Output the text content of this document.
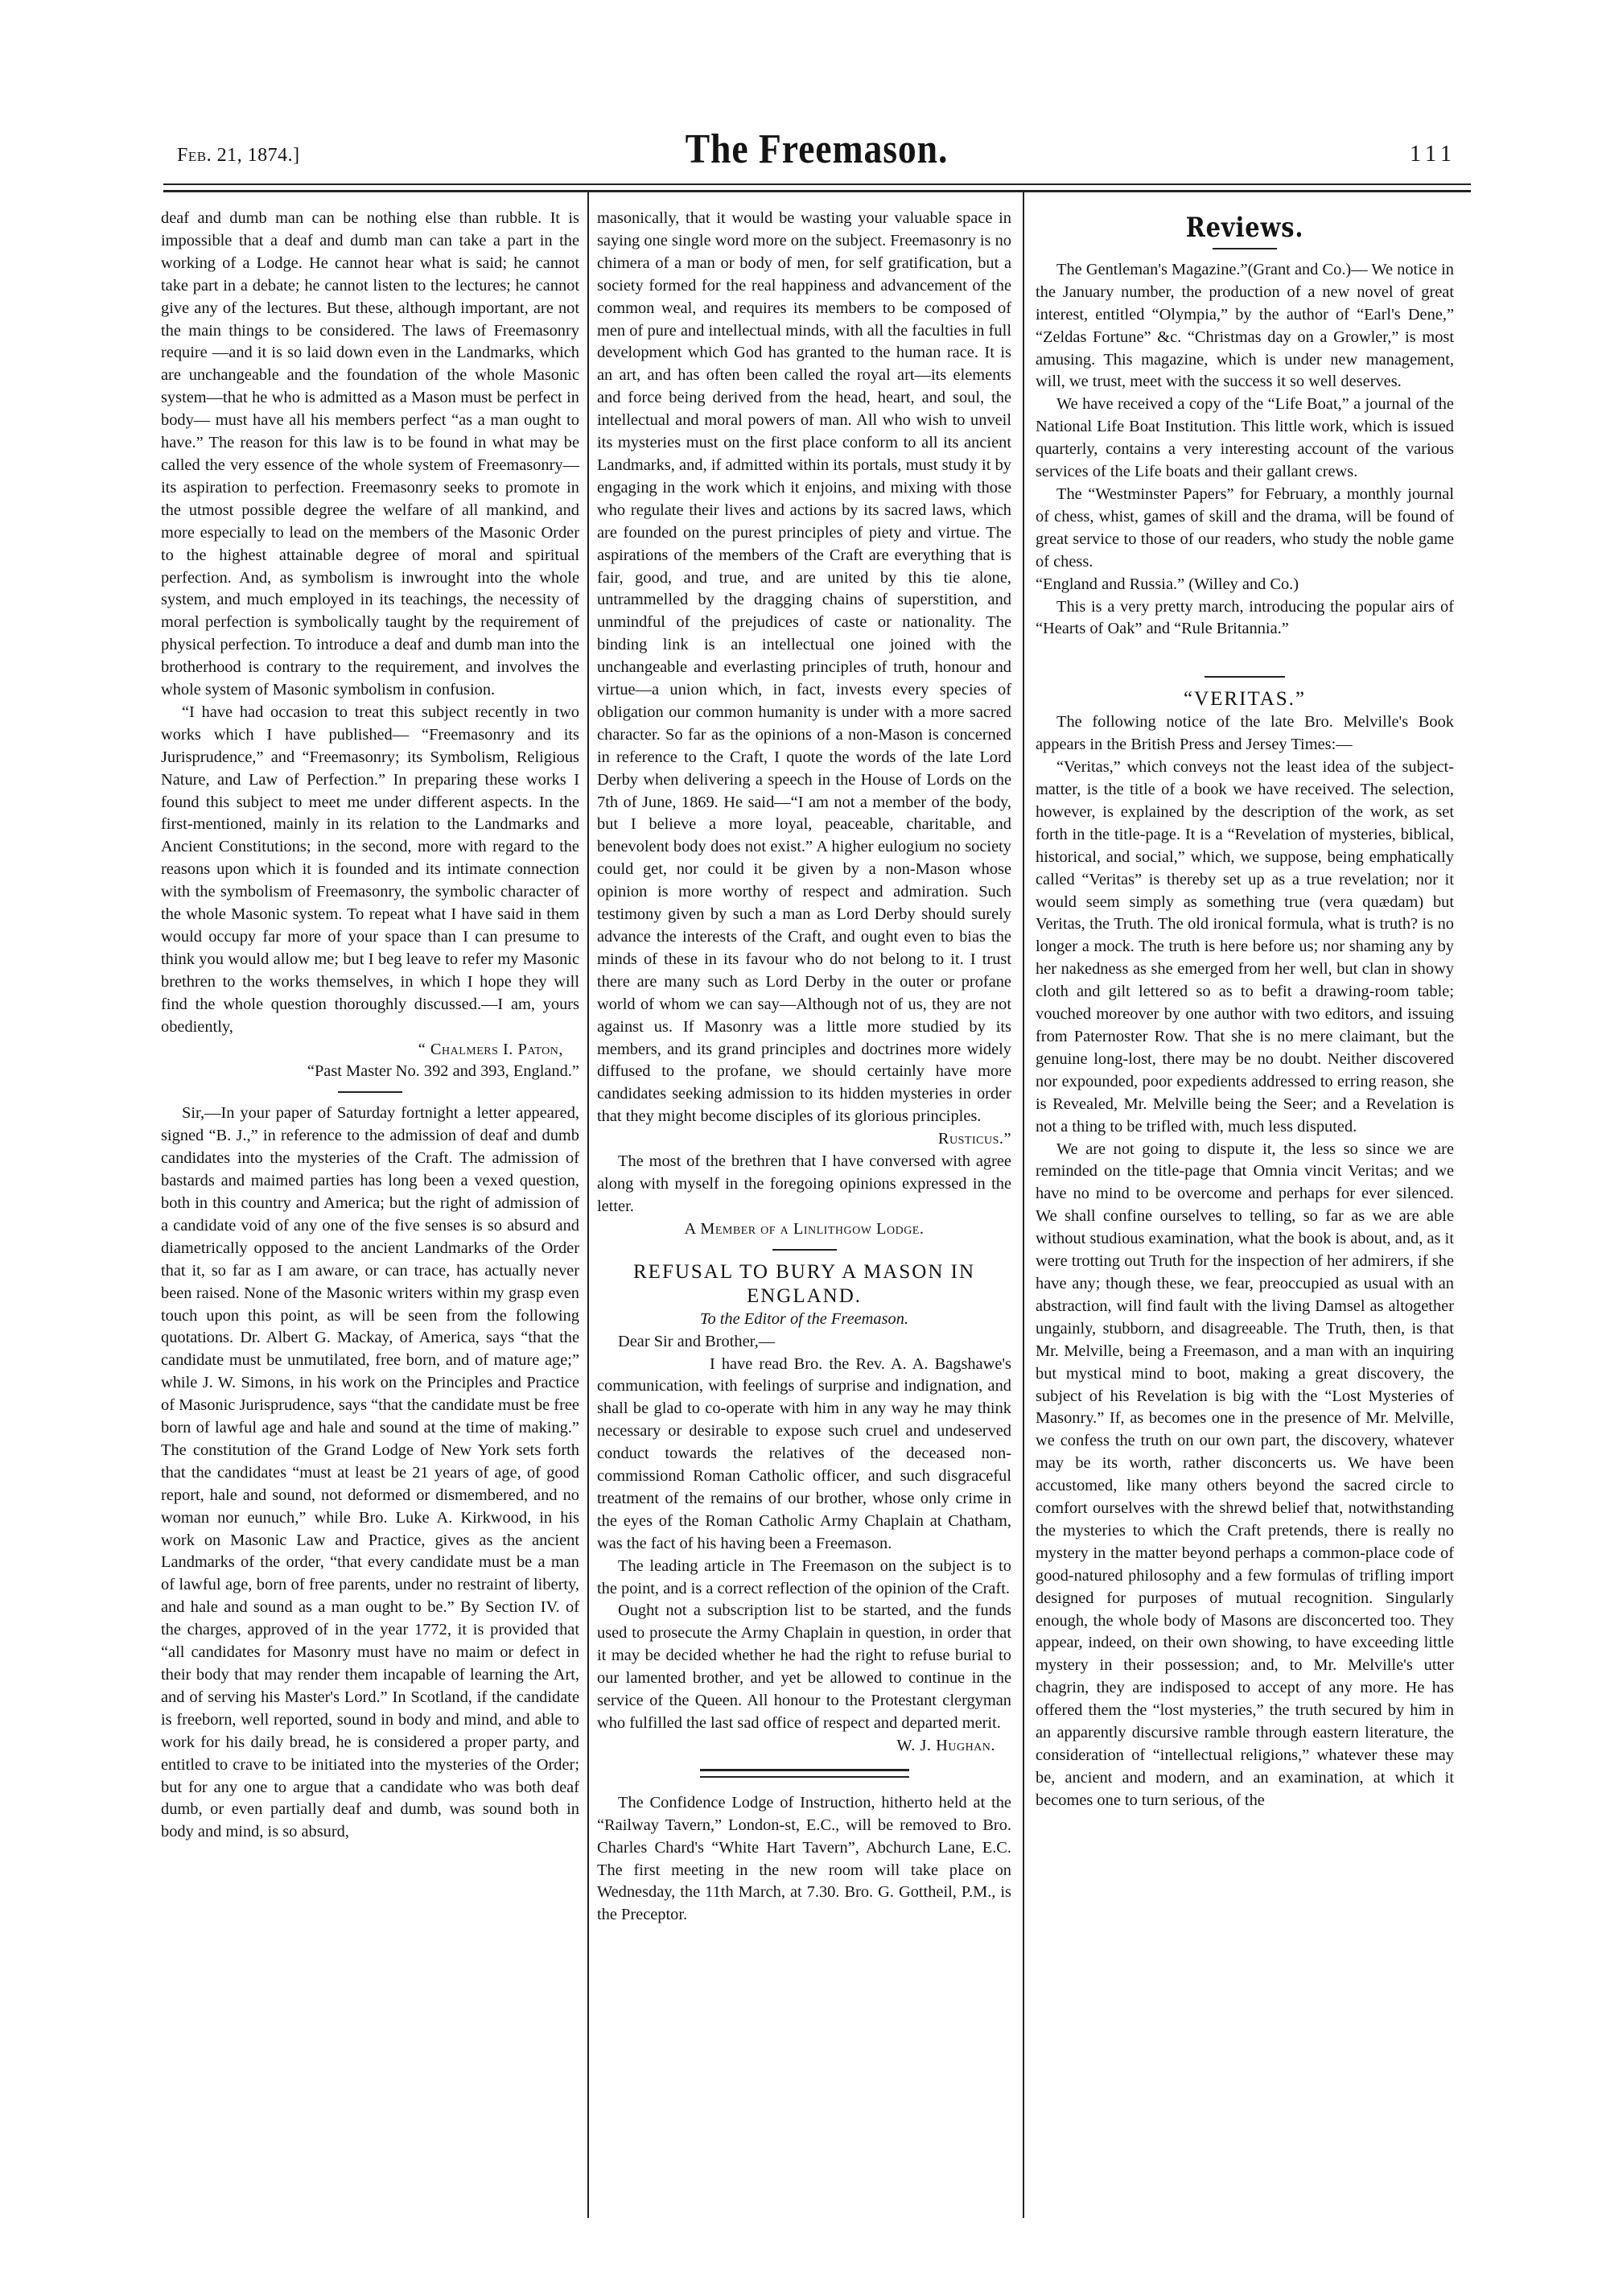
Feb. 21, 1874.]	The Freemason.	111

deaf and dumb man can be nothing else than rubble. It is impossible that a deaf and dumb man can take a part in the working of a Lodge. He cannot hear what is said; he cannot take part in a debate; he cannot listen to the lectures; he cannot give any of the lectures. But these, although important, are not the main things to be considered. The laws of Freemasonry require —and it is so laid down even in the Landmarks, which are unchangeable and the foundation of the whole Masonic system—that he who is admitted as a Mason must be perfect in body— must have all his members perfect “as a man ought to have.” The reason for this law is to be found in what may be called the very essence of the whole system of Freemasonry—its aspiration to perfection. Freemasonry seeks to promote in the utmost possible degree the welfare of all mankind, and more especially to lead on the members of the Masonic Order to the highest attainable degree of moral and spiritual perfection. And, as symbolism is inwrought into the whole system, and much employed in its teachings, the necessity of moral perfection is symbolically taught by the requirement of physical perfection. To introduce a deaf and dumb man into the brotherhood is contrary to the requirement, and involves the whole system of Masonic symbolism in confusion.

“I have had occasion to treat this subject recently in two works which I have published— “Freemasonry and its Jurisprudence,” and “Freemasonry; its Symbolism, Religious Nature, and Law of Perfection.” In preparing these works I found this subject to meet me under different aspects. In the first-mentioned, mainly in its relation to the Landmarks and Ancient Constitutions; in the second, more with regard to the reasons upon which it is founded and its intimate connection with the symbolism of Freemasonry, the symbolic character of the whole Masonic system. To repeat what I have said in them would occupy far more of your space than I can presume to think you would allow me; but I beg leave to refer my Masonic brethren to the works themselves, in which I hope they will find the whole question thoroughly discussed.—I am, yours obediently,

“ Chalmers I. Paton,

“Past Master No. 392 and 393, England.”

Sir,—In your paper of Saturday fortnight a letter appeared, signed “B. J.,” in reference to the admission of deaf and dumb candidates into the mysteries of the Craft. The admission of bastards and maimed parties has long been a vexed question, both in this country and America; but the right of admission of a candidate void of any one of the five senses is so absurd and diametrically opposed to the ancient Landmarks of the Order that it, so far as I am aware, or can trace, has actually never been raised. None of the Masonic writers within my grasp even touch upon this point, as will be seen from the following quotations. Dr. Albert G. Mackay, of America, says “that the candidate must be unmutilated, free born, and of mature age;” while J. W. Simons, in his work on the Principles and Practice of Masonic Jurisprudence, says “that the candidate must be free born of lawful age and hale and sound at the time of making.” The constitution of the Grand Lodge of New York sets forth that the candidates “must at least be 21 years of age, of good report, hale and sound, not deformed or dismembered, and no woman nor eunuch,” while Bro. Luke A. Kirkwood, in his work on Masonic Law and Practice, gives as the ancient Landmarks of the order, “that every candidate must be a man of lawful age, born of free parents, under no restraint of liberty, and hale and sound as a man ought to be.” By Section IV. of the charges, approved of in the year 1772, it is provided that “all candidates for Masonry must have no maim or defect in their body that may render them incapable of learning the Art, and of serving his Master's Lord.” In Scotland, if the candidate is freeborn, well reported, sound in body and mind, and able to work for his daily bread, he is considered a proper party, and entitled to crave to be initiated into the mysteries of the Order; but for any one to argue that a candidate who was both deaf dumb, or even partially deaf and dumb, was sound both in body and mind, is so absurd,

masonically, that it would be wasting your valuable space in saying one single word more on the subject. Freemasonry is no chimera of a man or body of men, for self gratification, but a society formed for the real happiness and advancement of the common weal, and requires its members to be composed of men of pure and intellectual minds, with all the faculties in full development which God has granted to the human race. It is an art, and has often been called the royal art—its elements and force being derived from the head, heart, and soul, the intellectual and moral powers of man. All who wish to unveil its mysteries must on the first place conform to all its ancient Landmarks, and, if admitted within its portals, must study it by engaging in the work which it enjoins, and mixing with those who regulate their lives and actions by its sacred laws, which are founded on the purest principles of piety and virtue. The aspirations of the members of the Craft are everything that is fair, good, and true, and are united by this tie alone, untrammelled by the dragging chains of superstition, and unmindful of the prejudices of caste or nationality. The binding link is an intellectual one joined with the unchangeable and everlasting principles of truth, honour and virtue—a union which, in fact, invests every species of obligation our common humanity is under with a more sacred character. So far as the opinions of a non-Mason is concerned in reference to the Craft, I quote the words of the late Lord Derby when delivering a speech in the House of Lords on the 7th of June, 1869. He said—“I am not a member of the body, but I believe a more loyal, peaceable, charitable, and benevolent body does not exist.” A higher eulogium no society could get, nor could it be given by a non-Mason whose opinion is more worthy of respect and admiration. Such testimony given by such a man as Lord Derby should surely advance the interests of the Craft, and ought even to bias the minds of these in its favour who do not belong to it. I trust there are many such as Lord Derby in the outer or profane world of whom we can say—Although not of us, they are not against us. If Masonry was a little more studied by its members, and its grand principles and doctrines more widely diffused to the profane, we should certainly have more candidates seeking admission to its hidden mysteries in order that they might become disciples of its glorious principles.

Rusticus.”

The most of the brethren that I have conversed with agree along with myself in the foregoing opinions expressed in the letter.

A Member of a Linlithgow Lodge.

REFUSAL TO BURY A MASON IN ENGLAND.

To the Editor of the Freemason.

Dear Sir and Brother,—

I have read Bro. the Rev. A. A. Bagshawe's communication, with feelings of surprise and indignation, and shall be glad to co-operate with him in any way he may think necessary or desirable to expose such cruel and undeserved conduct towards the relatives of the deceased non-commissiond Roman Catholic officer, and such disgraceful treatment of the remains of our brother, whose only crime in the eyes of the Roman Catholic Army Chaplain at Chatham, was the fact of his having been a Freemason.

The leading article in The Freemason on the subject is to the point, and is a correct reflection of the opinion of the Craft.

Ought not a subscription list to be started, and the funds used to prosecute the Army Chaplain in question, in order that it may be decided whether he had the right to refuse burial to our lamented brother, and yet be allowed to continue in the service of the Queen. All honour to the Protestant clergyman who fulfilled the last sad office of respect and departed merit.

W. J. Hughan.

The Confidence Lodge of Instruction, hitherto held at the “Railway Tavern,” London-st, E.C., will be removed to Bro. Charles Chard's “White Hart Tavern”, Abchurch Lane, E.C. The first meeting in the new room will take place on Wednesday, the 11th March, at 7.30. Bro. G. Gottheil, P.M., is the Preceptor.

Reviews.

The Gentleman's Magazine.”(Grant and Co.)— We notice in the January number, the production of a new novel of great interest, entitled “Olympia,” by the author of “Earl's Dene,” “Zeldas Fortune” &c. “Christmas day on a Growler,” is most amusing. This magazine, which is under new management, will, we trust, meet with the success it so well deserves.

We have received a copy of the “Life Boat,” a journal of the National Life Boat Institution. This little work, which is issued quarterly, contains a very interesting account of the various services of the Life boats and their gallant crews.

The “Westminster Papers” for February, a monthly journal of chess, whist, games of skill and the drama, will be found of great service to those of our readers, who study the noble game of chess.

“England and Russia.” (Willey and Co.)

This is a very pretty march, introducing the popular airs of “Hearts of Oak” and “Rule Britannia.”

“VERITAS.”

The following notice of the late Bro. Melville's Book appears in the British Press and Jersey Times:—

“Veritas,” which conveys not the least idea of the subject-matter, is the title of a book we have received. The selection, however, is explained by the description of the work, as set forth in the title-page. It is a “Revelation of mysteries, biblical, historical, and social,” which, we suppose, being emphatically called “Veritas” is thereby set up as a true revelation; nor it would seem simply as something true (vera quædam) but Veritas, the Truth. The old ironical formula, what is truth? is no longer a mock. The truth is here before us; nor shaming any by her nakedness as she emerged from her well, but clan in showy cloth and gilt lettered so as to befit a drawing-room table; vouched moreover by one author with two editors, and issuing from Paternoster Row. That she is no mere claimant, but the genuine long-lost, there may be no doubt. Neither discovered nor expounded, poor expedients addressed to erring reason, she is Revealed, Mr. Melville being the Seer; and a Revelation is not a thing to be trifled with, much less disputed.

We are not going to dispute it, the less so since we are reminded on the title-page that Omnia vincit Veritas; and we have no mind to be overcome and perhaps for ever silenced. We shall confine ourselves to telling, so far as we are able without studious examination, what the book is about, and, as it were trotting out Truth for the inspection of her admirers, if she have any; though these, we fear, preoccupied as usual with an abstraction, will find fault with the living Damsel as altogether ungainly, stubborn, and disagreeable. The Truth, then, is that Mr. Melville, being a Freemason, and a man with an inquiring but mystical mind to boot, making a great discovery, the subject of his Revelation is big with the “Lost Mysteries of Masonry.” If, as becomes one in the presence of Mr. Melville, we confess the truth on our own part, the discovery, whatever may be its worth, rather disconcerts us. We have been accustomed, like many others beyond the sacred circle to comfort ourselves with the shrewd belief that, notwithstanding the mysteries to which the Craft pretends, there is really no mystery in the matter beyond perhaps a common-place code of good-natured philosophy and a few formulas of trifling import designed for purposes of mutual recognition. Singularly enough, the whole body of Masons are disconcerted too. They appear, indeed, on their own showing, to have exceeding little mystery in their possession; and, to Mr. Melville's utter chagrin, they are indisposed to accept of any more. He has offered them the “lost mysteries,” the truth secured by him in an apparently discursive ramble through eastern literature, the consideration of “intellectual religions,” whatever these may be, ancient and modern, and an examination, at which it becomes one to turn serious, of the
